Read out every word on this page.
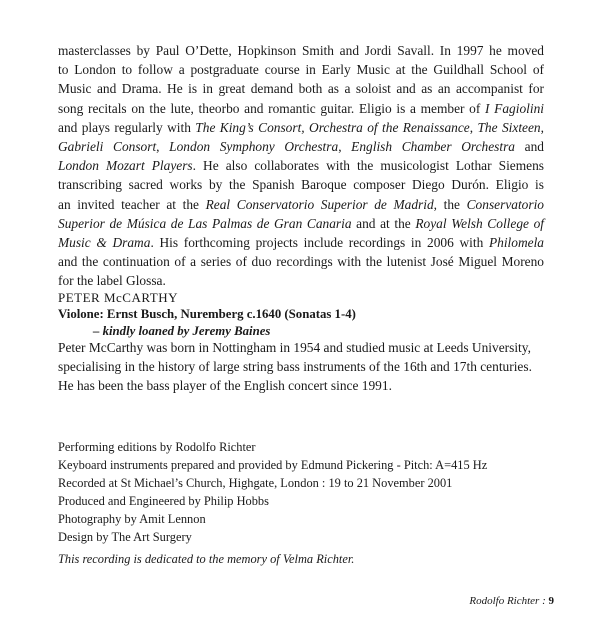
masterclasses by Paul O’Dette, Hopkinson Smith and Jordi Savall. In 1997 he moved
to London to follow a postgraduate course in Early Music at the Guildhall School of
Music and Drama. He is in great demand both as a soloist and as an accompanist for
song recitals on the lute, theorbo and romantic guitar. Eligio is a member of I Fagiolini
and plays regularly with The King’s Consort, Orchestra of the Renaissance, The Sixteen,
Gabrieli Consort, London Symphony Orchestra, English Chamber Orchestra and
London Mozart Players. He also collaborates with the musicologist Lothar Siemens
transcribing sacred works by the Spanish Baroque composer Diego Durón. Eligio is
an invited teacher at the Real Conservatorio Superior de Madrid, the Conservatorio
Superior de Música de Las Palmas de Gran Canaria and at the Royal Welsh College of
Music & Drama. His forthcoming projects include recordings in 2006 with Philomela
and the continuation of a series of duo recordings with the lutenist José Miguel Moreno
for the label Glossa.
PETER McCARTHY

Violone: Ernst Busch, Nuremberg c.1640 (Sonatas 1-4)

– kindly loaned by Jeremy Baines

Peter McCarthy was born in Nottingham in 1954 and studied music at Leeds University,
specialising in the history of large string bass instruments of the 16th and 17th centuries.
He has been the bass player of the English concert since 1991.
Performing editions by Rodolfo Richter
Keyboard instruments prepared and provided by Edmund Pickering - Pitch: A=415 Hz
Recorded at St Michael’s Church, Highgate, London : 19 to 21 November 2001
Produced and Engineered by Philip Hobbs
Photography by Amit Lennon
Design by The Art Surgery

This recording is dedicated to the memory of Velma Richter.

Rodolfo Richter : 9
